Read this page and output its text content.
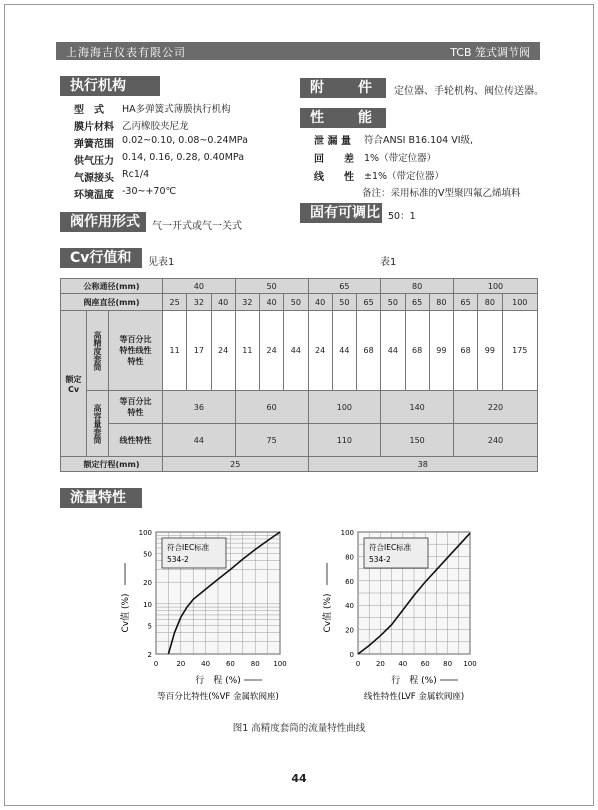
上海海吉仪表有限公司	TCB 笼式调节阀
执行机构
型　式 HA多弹簧式薄膜执行机构
膜片材料 乙丙橡胶夹尼龙
弹簧范围 0.02~0.10, 0.08~0.24MPa
供气压力 0.14, 0.16, 0.28, 0.40MPa
气源接头 Rc1/4
环境温度 -30~+70℃
阀作用形式	气一开式或气一关式
附　　件	定位器、手轮机构、阀位传送器。
性　　能
泄 漏 量 符合ANSI B16.104 VI级,
回　　差 1%（带定位器）
线　　性 ±1%（带定位器）
备注：采用标准的V型聚四氟乙烯填料
固有可调比 50：1
Cv行值和	见表1	表1
公称通径(mm)			40			50			65			80			100		
阀座直径(mm)			25	32	40	32	40	50	40	50	65	50	65	80	65	80	100
额定Cv	高精度套筒	等百分比特性线性特性	11	17	24	11	24	44	24	44	68	44	68	99	68	99	175
	高容量套筒	等百分比特性	36			60			100			140			220		
		线性特性	44			75			110			150			240		
额定行程(mm)			25						38								
流量特性
0	20 40 60 80 100
2
5
10
20
50
100
符合IEC标准
534-2
行　程 (%)
等百分比特性(%VF 金属软阀座)
Cv值 (%)
0 20 40 60 80 100
0
20
40
60
80
100
符合IEC标准
534-2
行　程 (%)
线性特性(LVF 金属软阀座)
Cv值 (%)
图1 高精度套筒的流量特性曲线
44
